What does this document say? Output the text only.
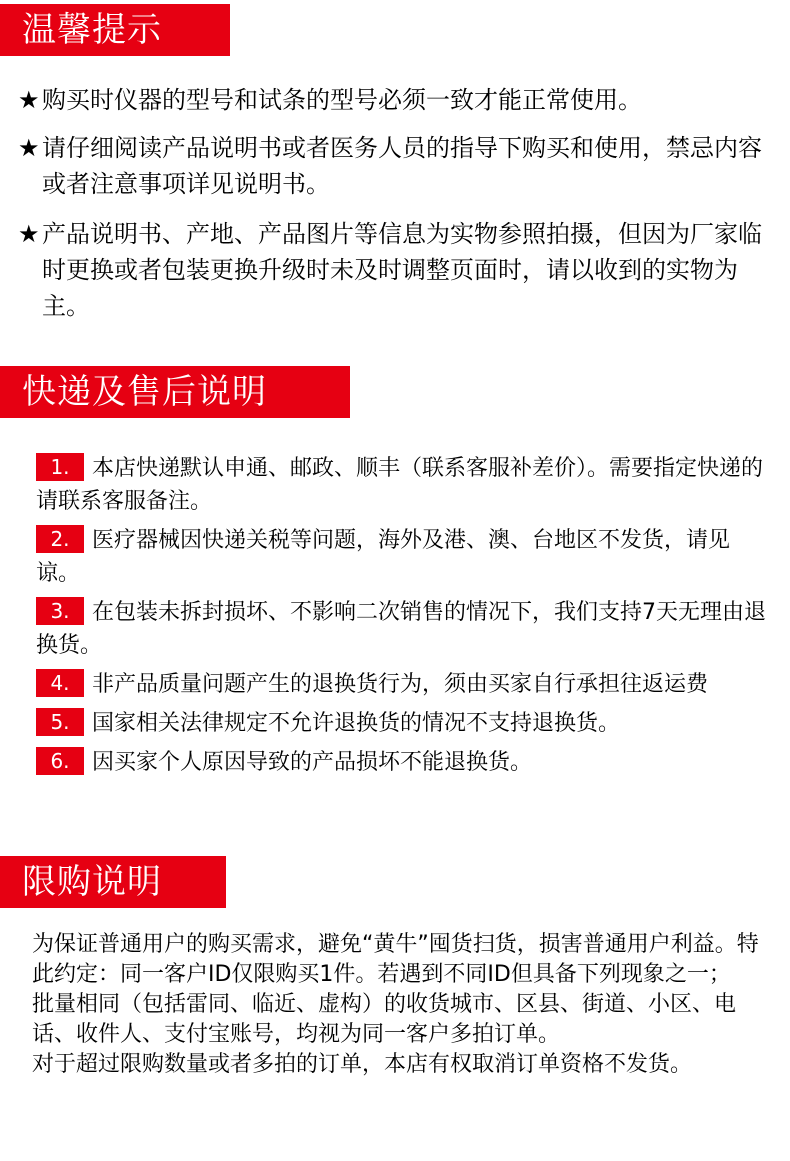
温馨提示
★ 购买时仪器的型号和试条的型号必须一致才能正常使用。
★ 请仔细阅读产品说明书或者医务人员的指导下购买和使用，禁忌内容或者注意事项详见说明书。
★ 产品说明书、产地、产品图片等信息为实物参照拍摄，但因为厂家临时更换或者包装更换升级时未及时调整页面时，请以收到的实物为主。
快递及售后说明
1. 本店快递默认申通、邮政、顺丰（联系客服补差价）。需要指定快递的请联系客服备注。
2. 医疗器械因快递关税等问题，海外及港、澳、台地区不发货，请见谅。
3. 在包装未拆封损坏、不影响二次销售的情况下，我们支持7天无理由退换货。
4. 非产品质量问题产生的退换货行为，须由买家自行承担往返运费
5. 国家相关法律规定不允许退换货的情况不支持退换货。
6. 因买家个人原因导致的产品损坏不能退换货。
限购说明

为保证普通用户的购买需求，避免“黄牛”囤货扫货，损害普通用户利益。特此约定：同一客户ID仅限购买1件。若遇到不同ID但具备下列现象之一；

批量相同（包括雷同、临近、虚构）的收货城市、区县、街道、小区、电话、收件人、支付宝账号，均视为同一客户多拍订单。

对于超过限购数量或者多拍的订单，本店有权取消订单资格不发货。
